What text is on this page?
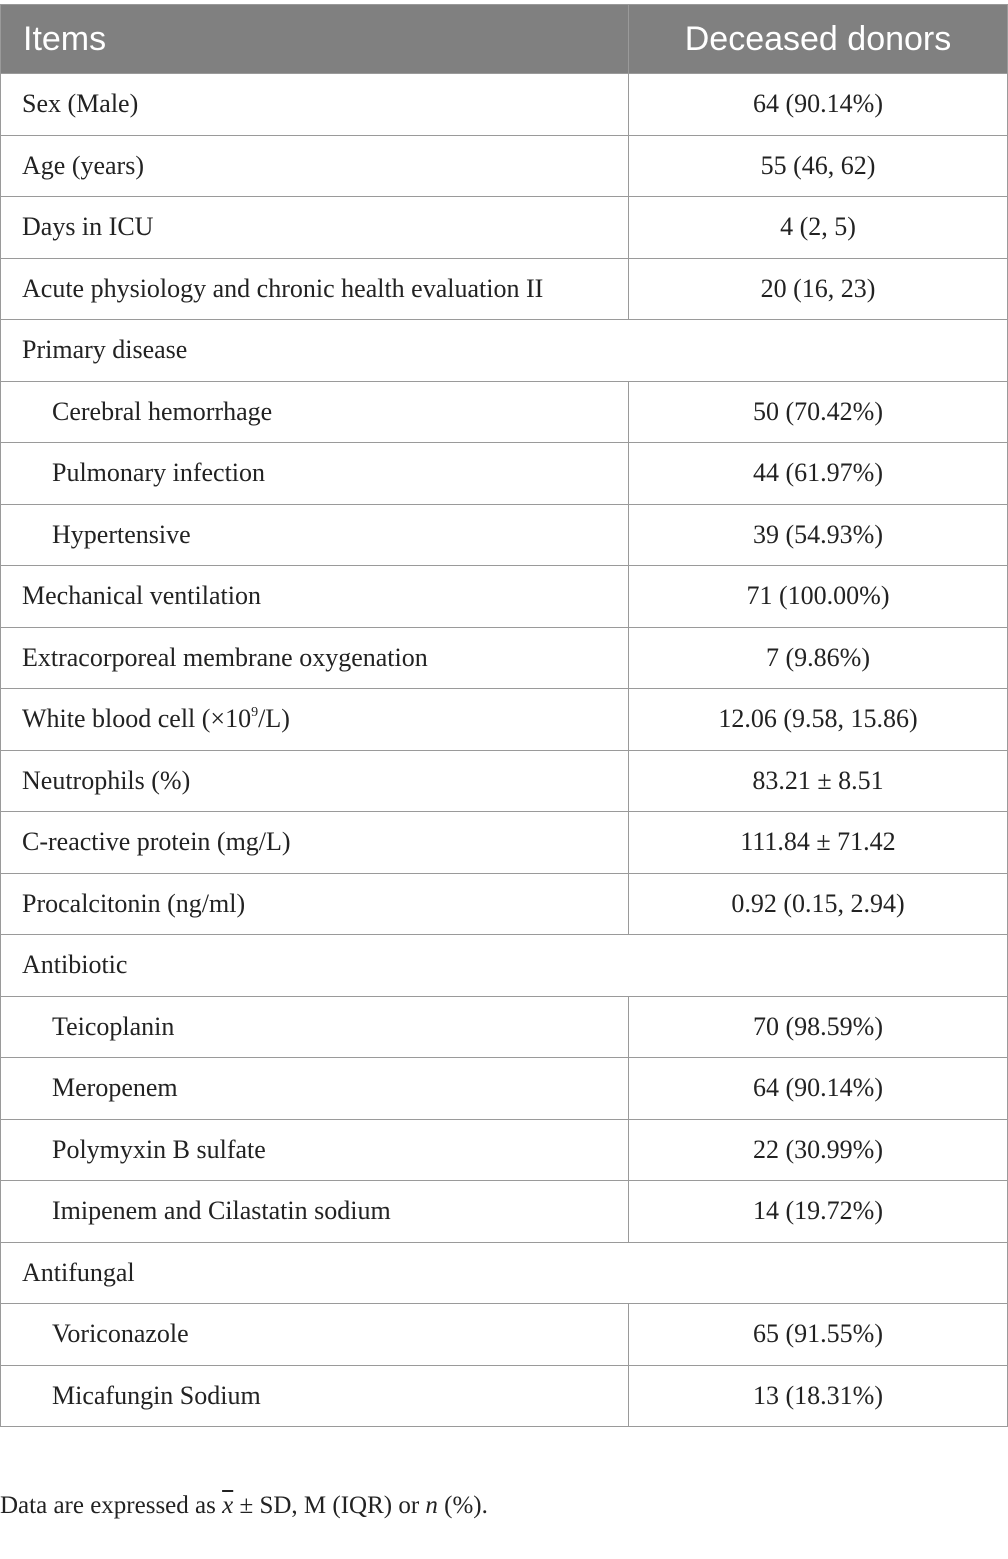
Items	Deceased donors
Sex (Male)	64 (90.14%)
Age (years)	55 (46, 62)
Days in ICU	4 (2, 5)
Acute physiology and chronic health evaluation II	20 (16, 23)
Primary disease	
Cerebral hemorrhage	50 (70.42%)
Pulmonary infection	44 (61.97%)
Hypertensive	39 (54.93%)
Mechanical ventilation	71 (100.00%)
Extracorporeal membrane oxygenation	7 (9.86%)
White blood cell $(\times 10^9/L)$	12.06 (9.58, 15.86)
Neutrophils (%)	83.21 ± 8.51
C-reactive protein (mg/L)	111.84 ± 71.42
Procalcitonin (ng/ml)	0.92 (0.15, 2.94)
Antibiotic	
Teicoplanin	70 (98.59%)
Meropenem	64 (90.14%)
Polymyxin B sulfate	22 (30.99%)
Imipenem and Cilastatin sodium	14 (19.72%)
Antifungal	
Voriconazole	65 (91.55%)
Micafungin Sodium	13 (18.31%)
Data are expressed as $\overline{x}$ ± SD, M (IQR) or n (%).
